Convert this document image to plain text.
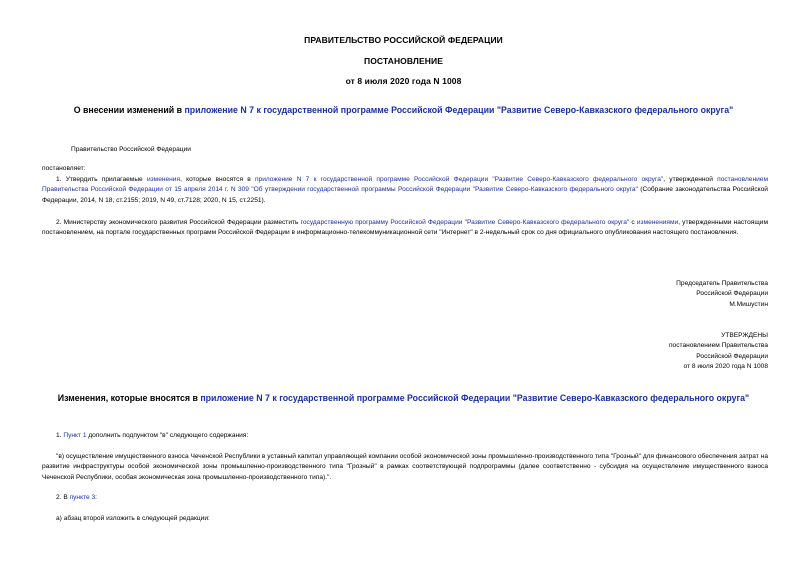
ПРАВИТЕЛЬСТВО РОССИЙСКОЙ ФЕДЕРАЦИИ
ПОСТАНОВЛЕНИЕ
от 8 июля 2020 года N 1008
О внесении изменений в приложение N 7 к государственной программе Российской Федерации "Развитие Северо-Кавказского федерального округа"
Правительство Российской Федерации
постановляет:
1. Утвердить прилагаемые изменения, которые вносятся в приложение N 7 к государственной программе Российской Федерации "Развитие Северо-Кавказского федерального округа", утвержденной постановлением Правительства Российской Федерации от 15 апреля 2014 г. N 309 "Об утверждении государственной программы Российской Федерации "Развитие Северо-Кавказского федерального округа" (Собрание законодательства Российской Федерации, 2014, N 18, ст.2155; 2019, N 49, ст.7128; 2020, N 15, ст.2251).
2. Министерству экономического развития Российской Федерации разместить государственную программу Российской Федерации "Развитие Северо-Кавказского федерального округа" с изменениями, утвержденными настоящим постановлением, на портале государственных программ Российской Федерации в информационно-телекоммуникационной сети "Интернет" в 2-недельный срок со дня официального опубликования настоящего постановления.
Председатель Правительства
Российской Федерации
М.Мишустин
УТВЕРЖДЕНЫ
постановлением Правительства
Российской Федерации
от 8 июля 2020 года N 1008
Изменения, которые вносятся в приложение N 7 к государственной программе Российской Федерации "Развитие Северо-Кавказского федерального округа"
1. Пункт 1 дополнить подпунктом "в" следующего содержания:
"в) осуществление имущественного взноса Чеченской Республики в уставный капитал управляющей компании особой экономической зоны промышленно-производственного типа "Грозный" для финансового обеспечения затрат на развитие инфраструктуры особой экономической зоны промышленно-производственного типа "Грозный" в рамках соответствующей подпрограммы (далее соответственно - субсидия на осуществление имущественного взноса Чеченской Республики, особая экономическая зона промышленно-производственного типа).".
2. В пункте 3:
а) абзац второй изложить в следующей редакции:
